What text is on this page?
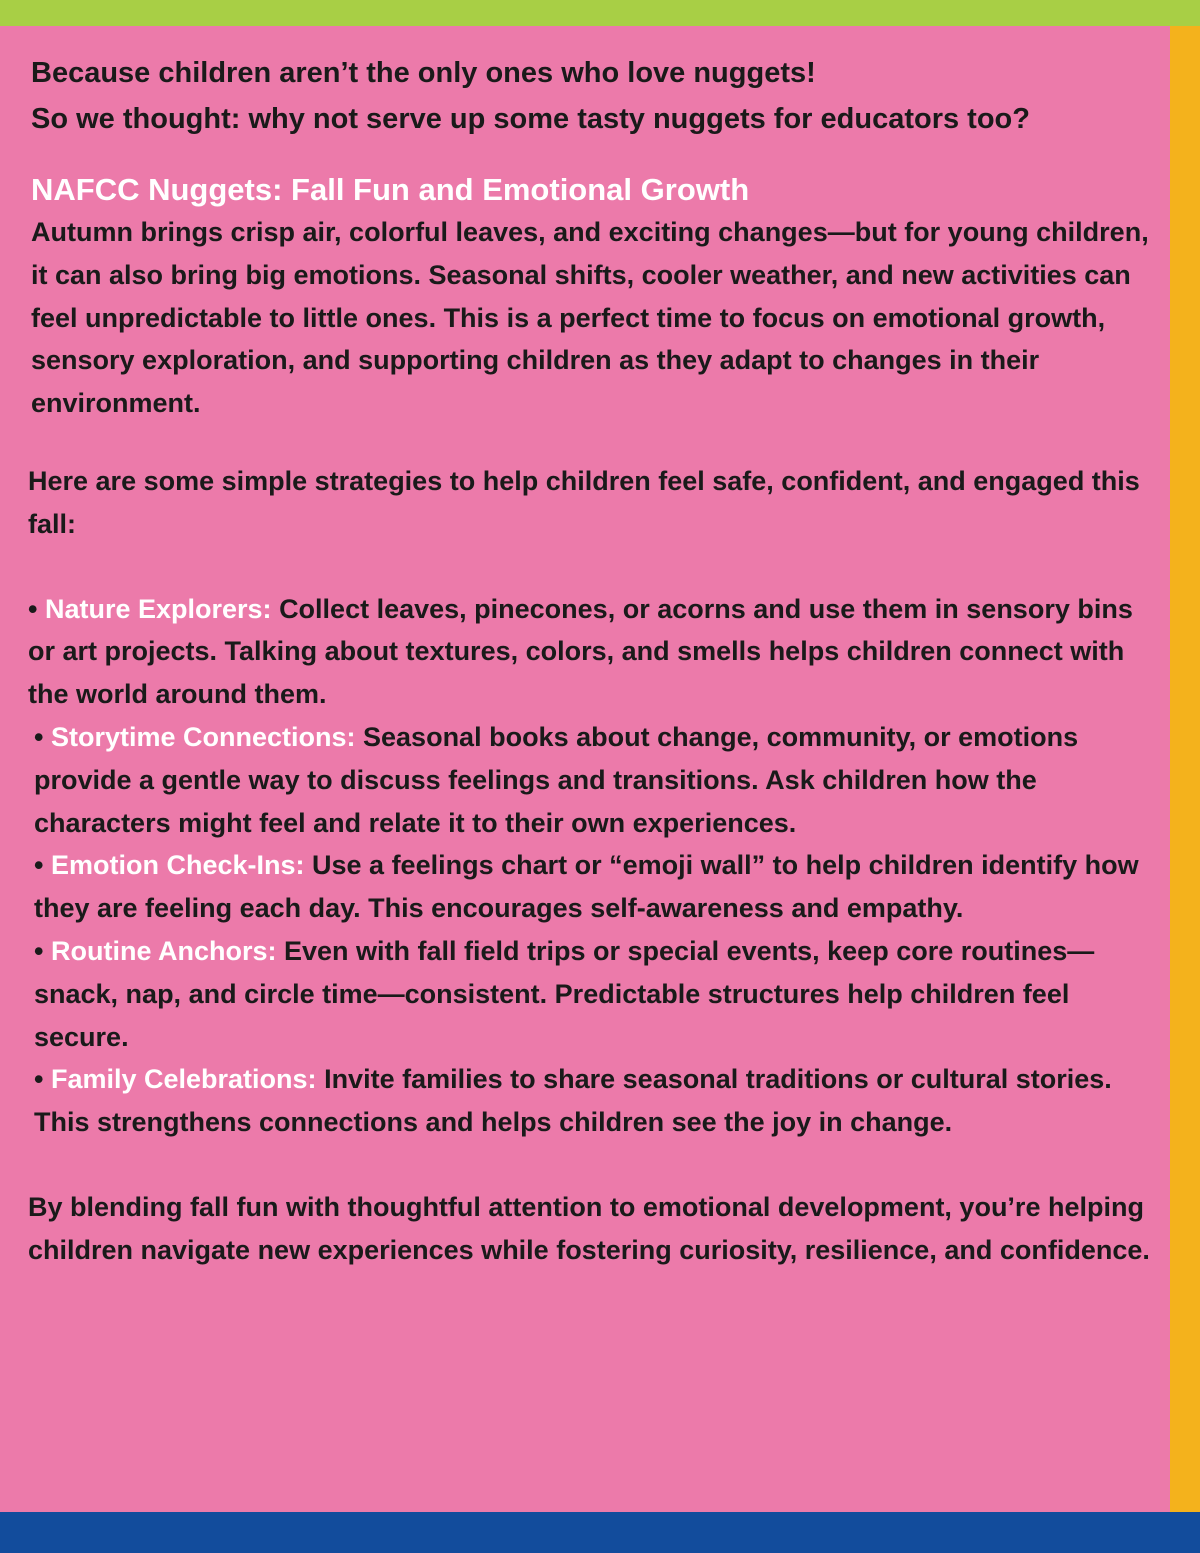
Because children aren’t the only ones who love nuggets!
So we thought: why not serve up some tasty nuggets for educators too?

NAFCC Nuggets: Fall Fun and Emotional Growth

Autumn brings crisp air, colorful leaves, and exciting changes—but for young children, it can also bring big emotions. Seasonal shifts, cooler weather, and new activities can feel unpredictable to little ones. This is a perfect time to focus on emotional growth, sensory exploration, and supporting children as they adapt to changes in their environment.

Here are some simple strategies to help children feel safe, confident, and engaged this fall:

• Nature Explorers: Collect leaves, pinecones, or acorns and use them in sensory bins or art projects. Talking about textures, colors, and smells helps children connect with the world around them.
• Storytime Connections: Seasonal books about change, community, or emotions provide a gentle way to discuss feelings and transitions. Ask children how the characters might feel and relate it to their own experiences.
• Emotion Check-Ins: Use a feelings chart or “emoji wall” to help children identify how they are feeling each day. This encourages self-awareness and empathy.
• Routine Anchors: Even with fall field trips or special events, keep core routines—snack, nap, and circle time—consistent. Predictable structures help children feel secure.
• Family Celebrations: Invite families to share seasonal traditions or cultural stories. This strengthens connections and helps children see the joy in change.

By blending fall fun with thoughtful attention to emotional development, you’re helping children navigate new experiences while fostering curiosity, resilience, and confidence.
